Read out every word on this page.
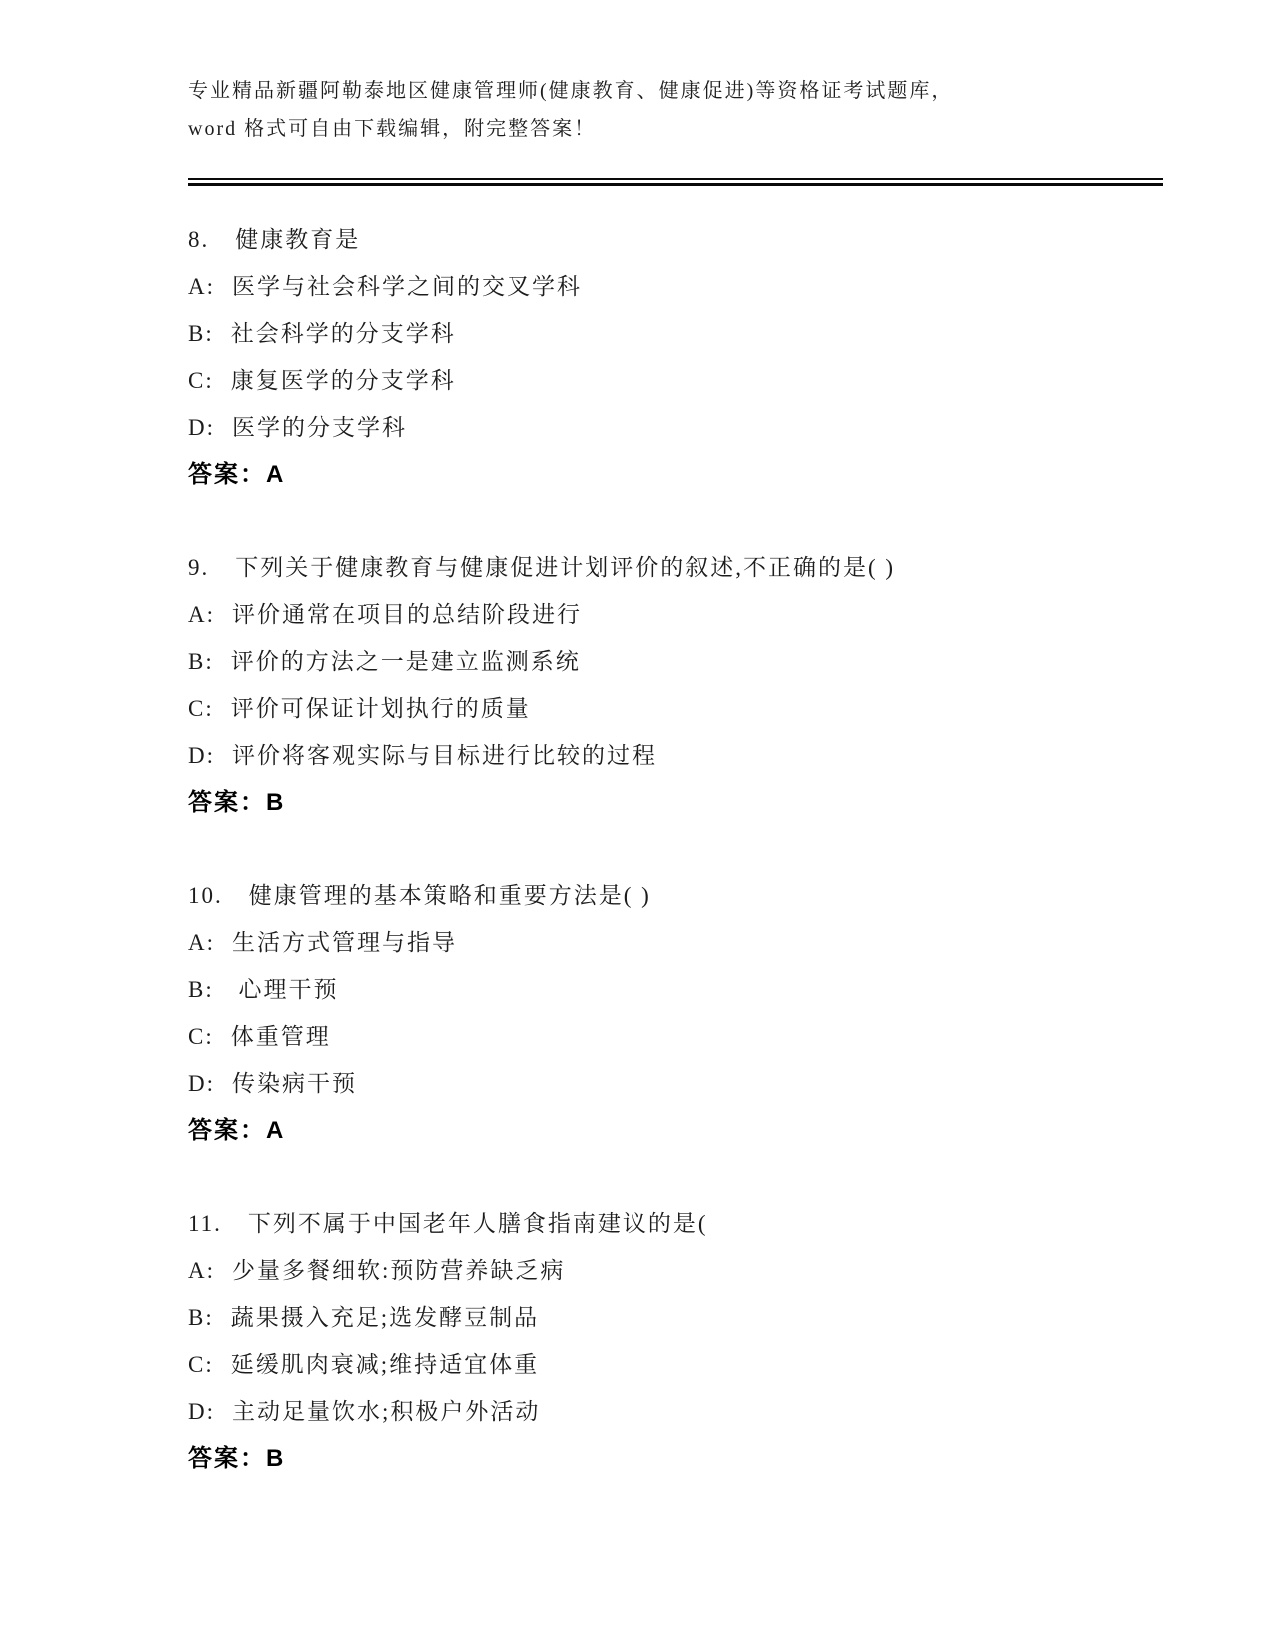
专业精品新疆阿勒泰地区健康管理师(健康教育、健康促进)等资格证考试题库，
word 格式可自由下载编辑，附完整答案！
8. 健康教育是
A: 医学与社会科学之间的交叉学科
B: 社会科学的分支学科
C: 康复医学的分支学科
D: 医学的分支学科
答案：A
9. 下列关于健康教育与健康促进计划评价的叙述,不正确的是( )
A: 评价通常在项目的总结阶段进行
B: 评价的方法之一是建立监测系统
C: 评价可保证计划执行的质量
D: 评价将客观实际与目标进行比较的过程
答案：B
10. 健康管理的基本策略和重要方法是( )
A: 生活方式管理与指导
B: 心理干预
C: 体重管理
D: 传染病干预
答案：A
11. 下列不属于中国老年人膳食指南建议的是(
A: 少量多餐细软:预防营养缺乏病
B: 蔬果摄入充足;选发酵豆制品
C: 延缓肌肉衰减;维持适宜体重
D: 主动足量饮水;积极户外活动
答案：B
